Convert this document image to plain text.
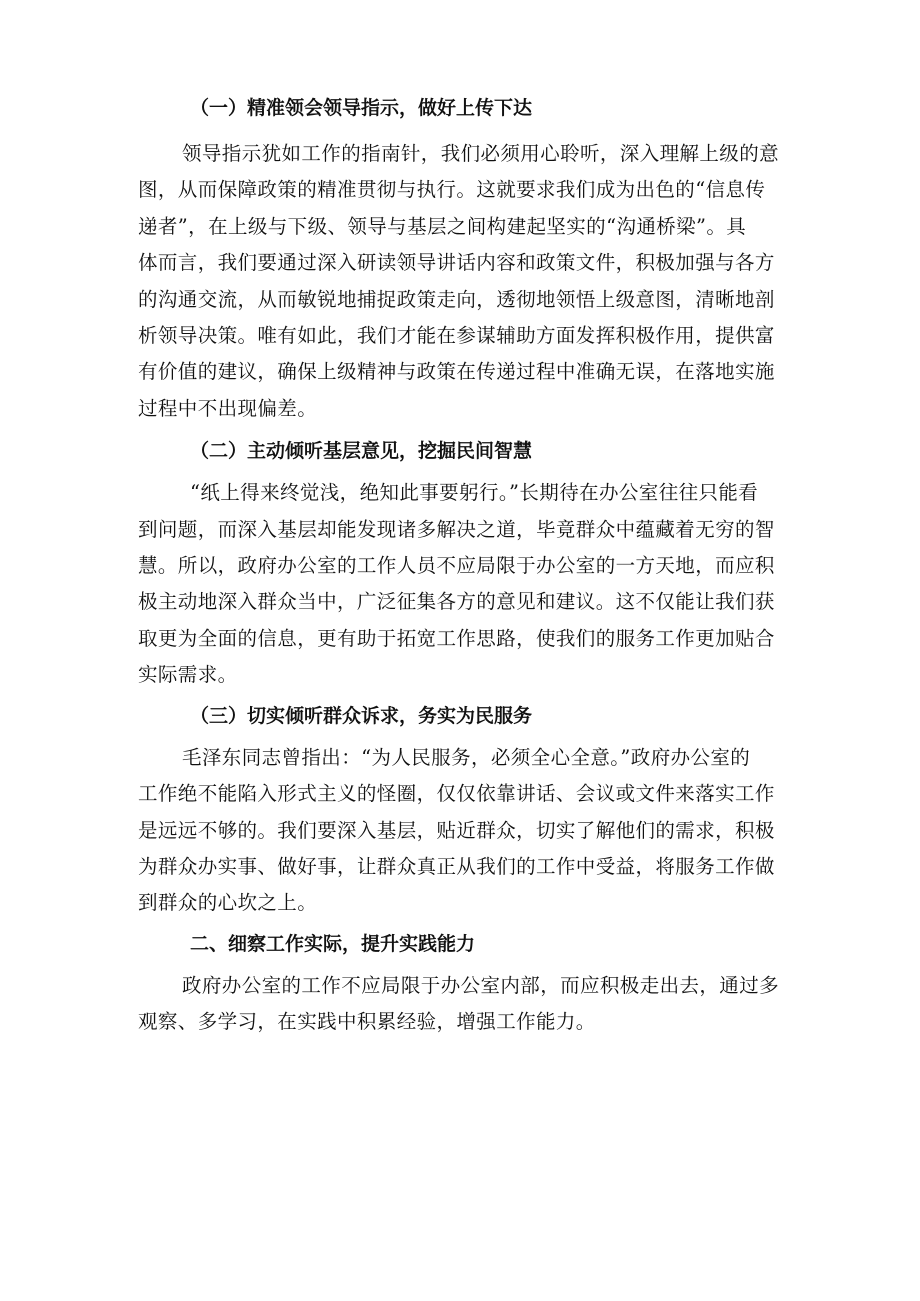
（一）精准领会领导指示，做好上传下达
领导指示犹如工作的指南针，我们必须用心聆听，深入理解上级的意
图，从而保障政策的精准贯彻与执行。这就要求我们成为出色的“信息传
递者”，在上级与下级、领导与基层之间构建起坚实的“沟通桥梁”。具
体而言，我们要通过深入研读领导讲话内容和政策文件，积极加强与各方
的沟通交流，从而敏锐地捕捉政策走向，透彻地领悟上级意图，清晰地剖
析领导决策。唯有如此，我们才能在参谋辅助方面发挥积极作用，提供富
有价值的建议，确保上级精神与政策在传递过程中准确无误，在落地实施
过程中不出现偏差。
（二）主动倾听基层意见，挖掘民间智慧
“纸上得来终觉浅，绝知此事要躬行。”长期待在办公室往往只能看
到问题，而深入基层却能发现诸多解决之道，毕竟群众中蕴藏着无穷的智
慧。所以，政府办公室的工作人员不应局限于办公室的一方天地，而应积
极主动地深入群众当中，广泛征集各方的意见和建议。这不仅能让我们获
取更为全面的信息，更有助于拓宽工作思路，使我们的服务工作更加贴合
实际需求。
（三）切实倾听群众诉求，务实为民服务
毛泽东同志曾指出：“为人民服务，必须全心全意。”政府办公室的
工作绝不能陷入形式主义的怪圈，仅仅依靠讲话、会议或文件来落实工作
是远远不够的。我们要深入基层，贴近群众，切实了解他们的需求，积极
为群众办实事、做好事，让群众真正从我们的工作中受益，将服务工作做
到群众的心坎之上。
二、细察工作实际，提升实践能力
政府办公室的工作不应局限于办公室内部，而应积极走出去，通过多
观察、多学习，在实践中积累经验，增强工作能力。
